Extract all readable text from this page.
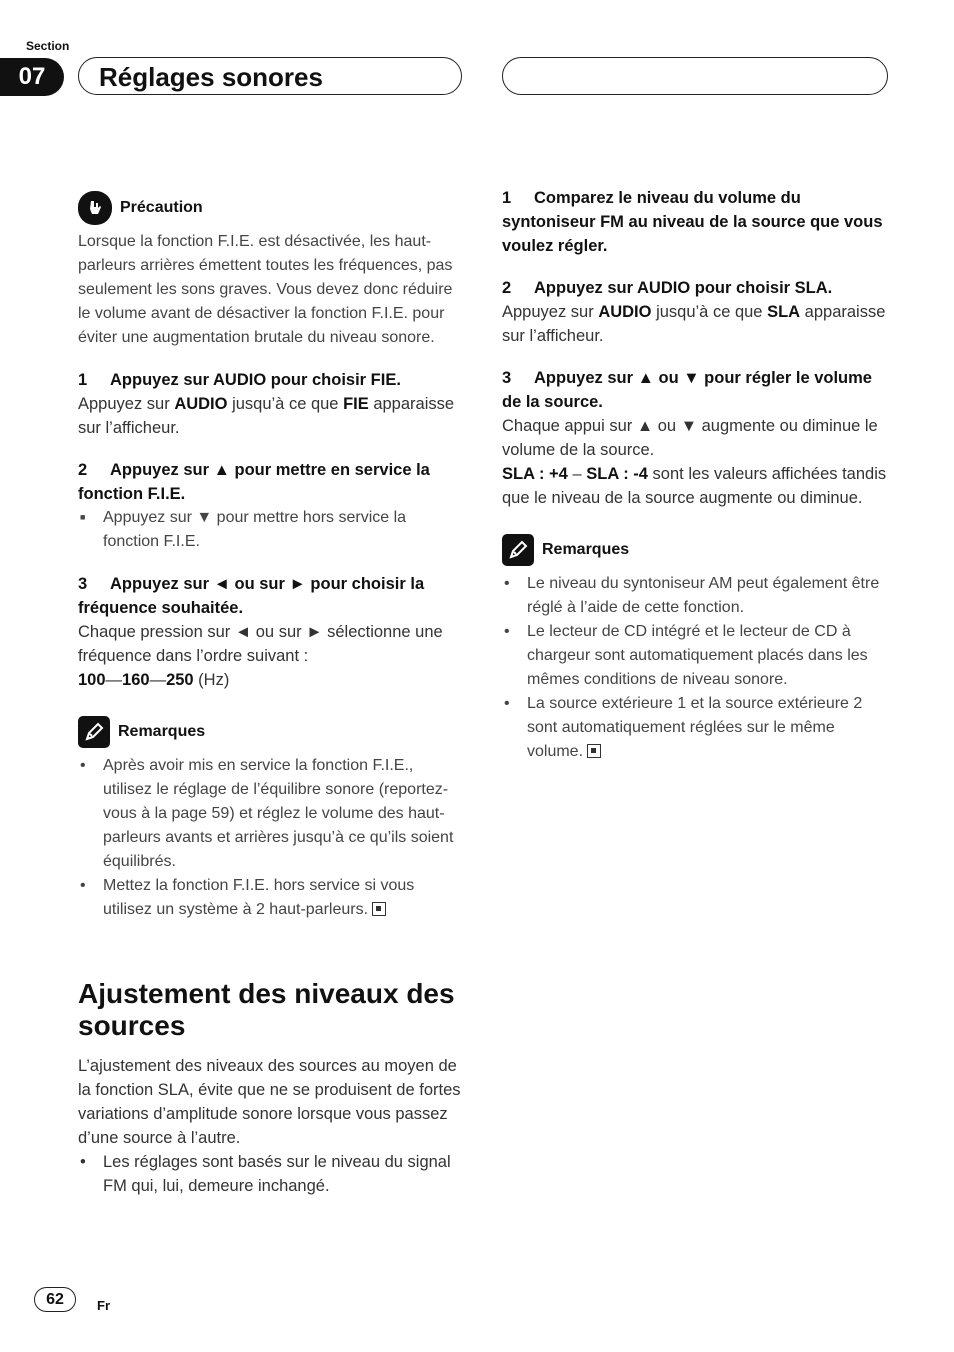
Section
07	Réglages sonores
Précaution

Lorsque la fonction F.I.E. est désactivée, les haut-parleurs arrières émettent toutes les fréquences, pas seulement les sons graves. Vous devez donc réduire le volume avant de désactiver la fonction F.I.E. pour éviter une augmentation brutale du niveau sonore.

1 Appuyez sur AUDIO pour choisir FIE.

Appuyez sur AUDIO jusqu’à ce que FIE apparaisse sur l’afficheur.

2 Appuyez sur ▲ pour mettre en service la fonction F.I.E.
■ Appuyez sur ▼ pour mettre hors service la fonction F.I.E.
3 Appuyez sur ◄ ou sur ► pour choisir la fréquence souhaitée.

Chaque pression sur ◄ ou sur ► sélectionne une fréquence dans l’ordre suivant :

100—160—250 (Hz)

Remarques
• Après avoir mis en service la fonction F.I.E., utilisez le réglage de l’équilibre sonore (reportez-vous à la page 59) et réglez le volume des haut-parleurs avants et arrières jusqu’à ce qu’ils soient équilibrés.
• Mettez la fonction F.I.E. hors service si vous utilisez un système à 2 haut-parleurs.
Ajustement des niveaux des sources

L’ajustement des niveaux des sources au moyen de la fonction SLA, évite que ne se produisent de fortes variations d’amplitude sonore lorsque vous passez d’une source à l’autre.

• Les réglages sont basés sur le niveau du signal FM qui, lui, demeure inchangé.
1 Comparez le niveau du volume du syntoniseur FM au niveau de la source que vous voulez régler.
2 Appuyez sur AUDIO pour choisir SLA.

Appuyez sur AUDIO jusqu’à ce que SLA apparaisse sur l’afficheur.

3 Appuyez sur ▲ ou ▼ pour régler le volume de la source.

Chaque appui sur ▲ ou ▼ augmente ou diminue le volume de la source.

SLA : +4 – SLA : -4 sont les valeurs affichées tandis que le niveau de la source augmente ou diminue.

Remarques
• Le niveau du syntoniseur AM peut également être réglé à l’aide de cette fonction.
• Le lecteur de CD intégré et le lecteur de CD à chargeur sont automatiquement placés dans les mêmes conditions de niveau sonore.
• La source extérieure 1 et la source extérieure 2 sont automatiquement réglées sur le même volume.
62	Fr
